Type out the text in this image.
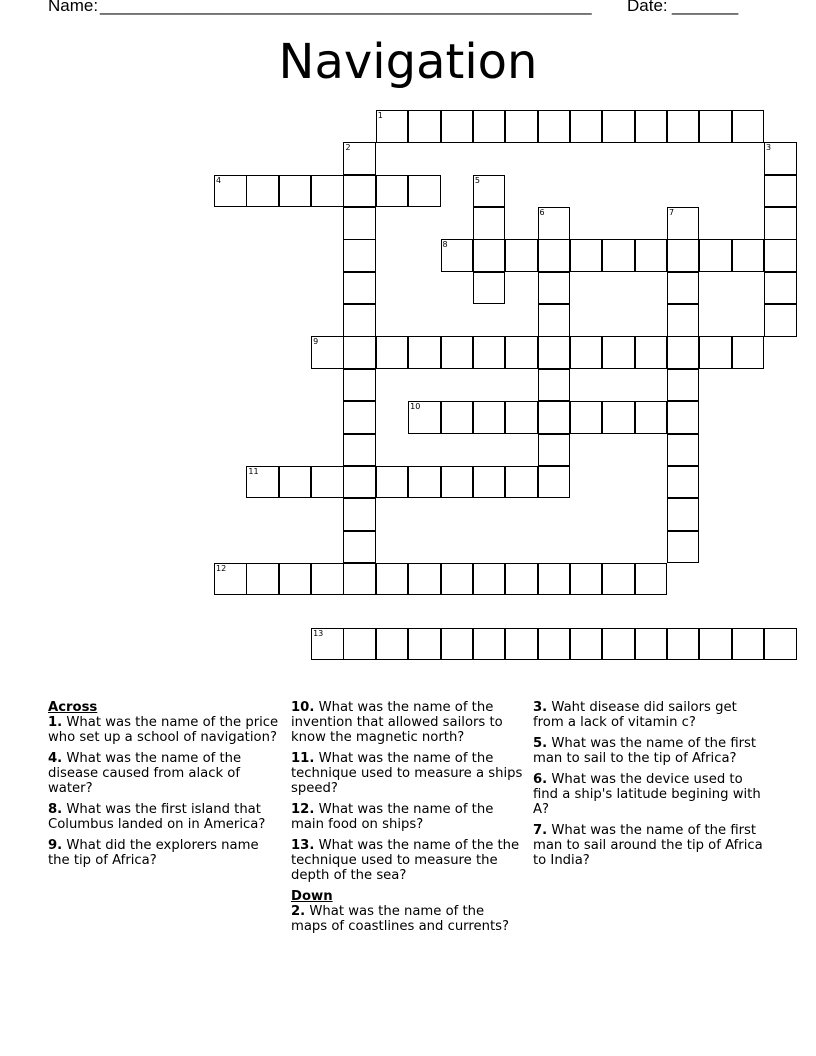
Name: ____________________________________________________ Date: _______
Navigation
1
2	3
4	5
6	7
8
9
10
11
12
13

Across

1. What was the name of the price who set up a school of navigation?

4. What was the name of the disease caused from alack of water?

8. What was the first island that Columbus landed on in America?

9. What did the explorers name the tip of Africa?

10. What was the name of the invention that allowed sailors to know the magnetic north?

11. What was the name of the technique used to measure a ships speed?

12. What was the name of the main food on ships?

13. What was the name of the the technique used to measure the depth of the sea?

Down

2. What was the name of the maps of coastlines and currents?

3. Waht disease did sailors get from a lack of vitamin c?

5. What was the name of the first man to sail to the tip of Africa?

6. What was the device used to find a ship's latitude begining with A?

7. What was the name of the first man to sail around the tip of Africa to India?
